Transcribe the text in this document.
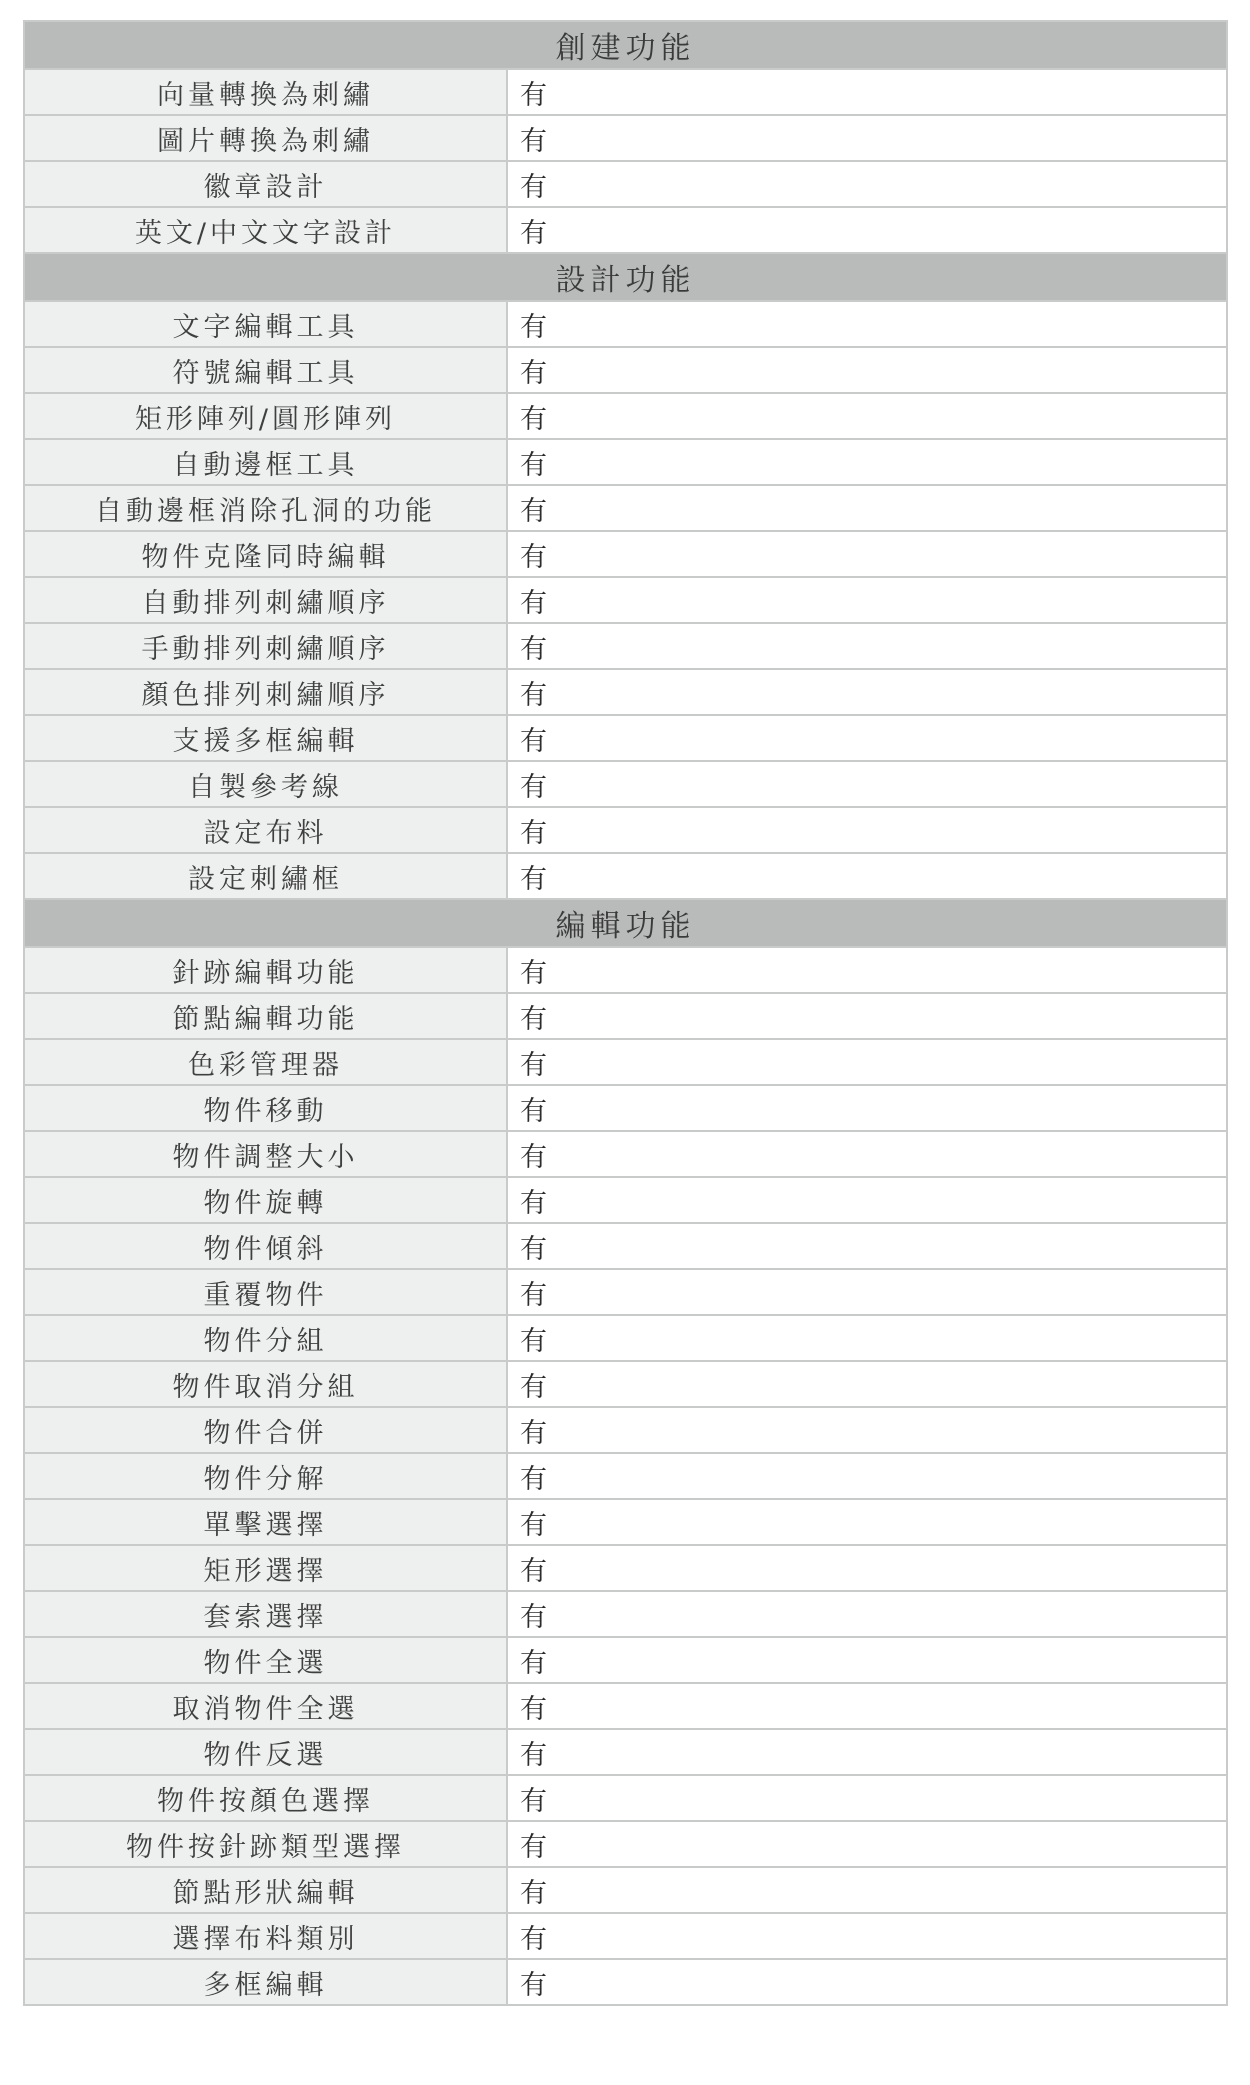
創建功能	
向量轉換為刺繡	有
圖片轉換為刺繡	有
徽章設計	有
英文/中文文字設計	有
設計功能	
文字編輯工具	有
符號編輯工具	有
矩形陣列/圓形陣列	有
自動邊框工具	有
自動邊框消除孔洞的功能	有
物件克隆同時編輯	有
自動排列刺繡順序	有
手動排列刺繡順序	有
顏色排列刺繡順序	有
支援多框編輯	有
自製參考線	有
設定布料	有
設定刺繡框	有
編輯功能	
針跡編輯功能	有
節點編輯功能	有
色彩管理器	有
物件移動	有
物件調整大小	有
物件旋轉	有
物件傾斜	有
重覆物件	有
物件分組	有
物件取消分組	有
物件合併	有
物件分解	有
單擊選擇	有
矩形選擇	有
套索選擇	有
物件全選	有
取消物件全選	有
物件反選	有
物件按顏色選擇	有
物件按針跡類型選擇	有
節點形狀編輯	有
選擇布料類別	有
多框編輯	有
